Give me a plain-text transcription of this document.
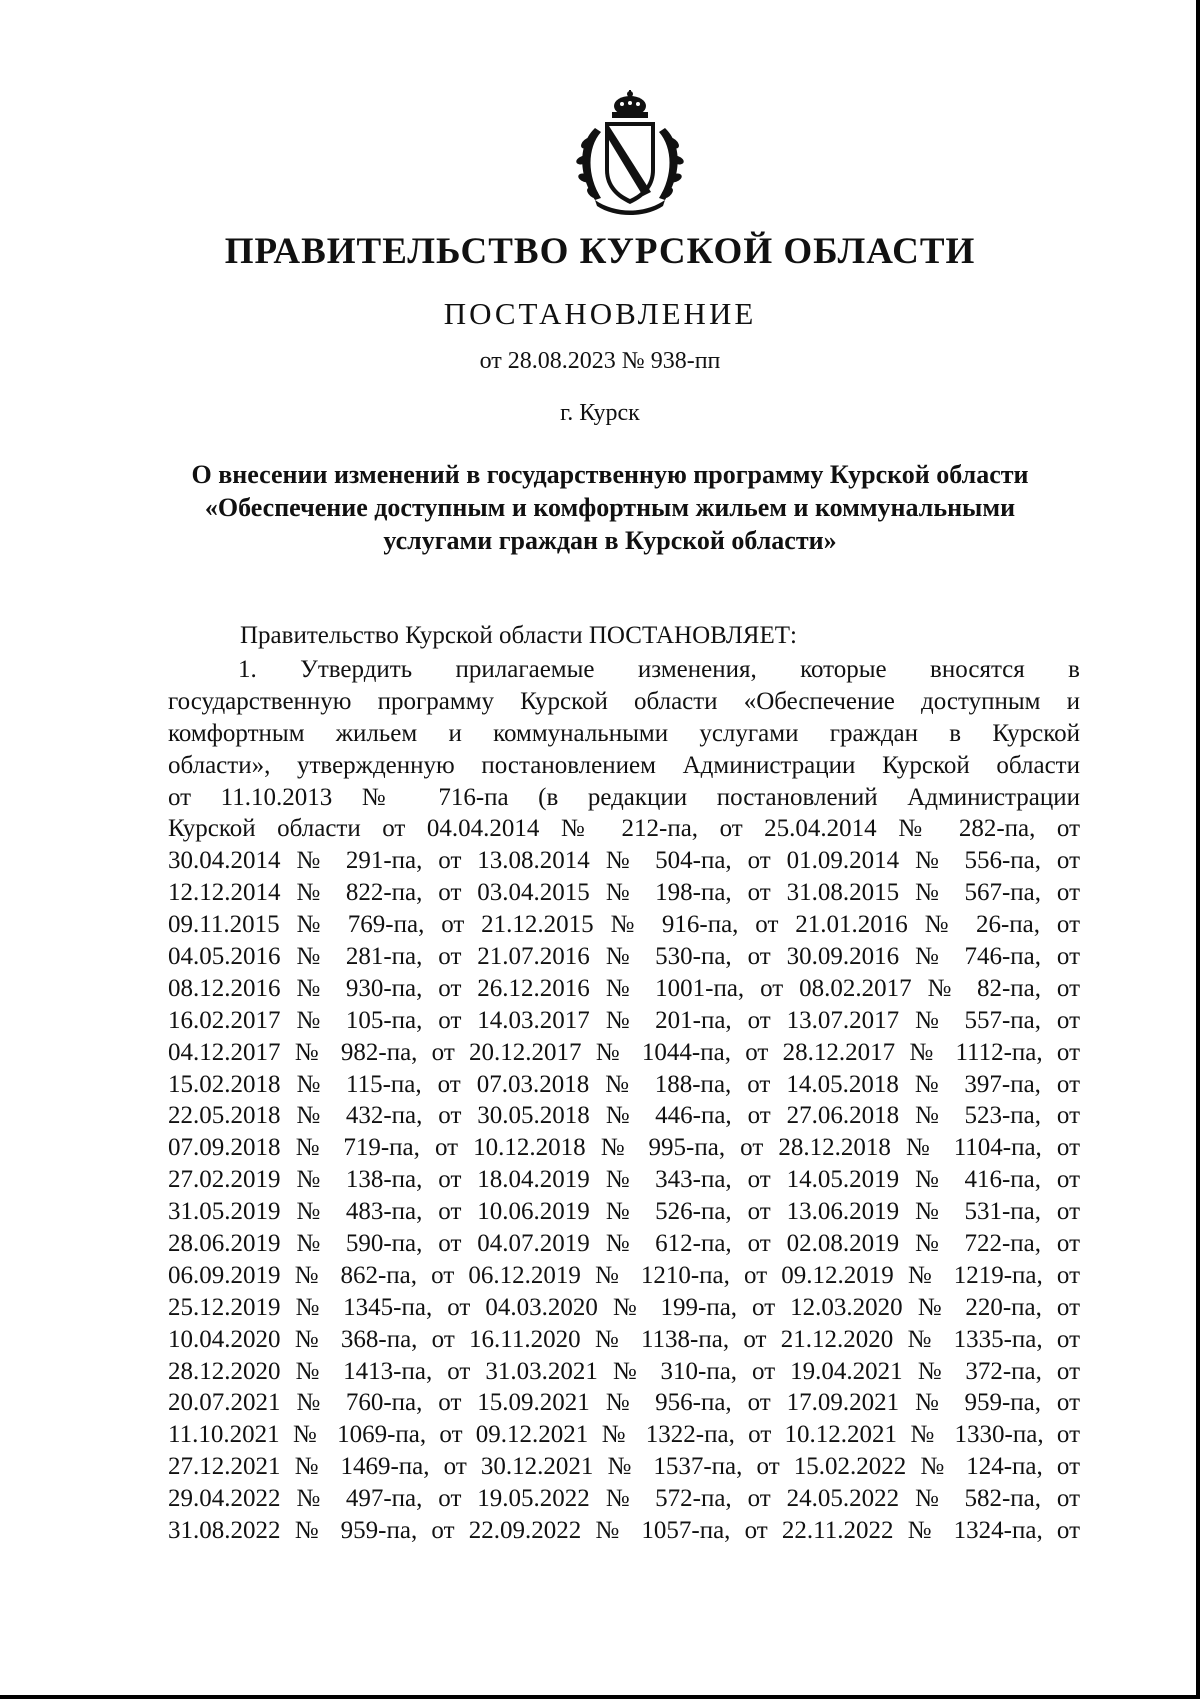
ПРАВИТЕЛЬСТВО КУРСКОЙ ОБЛАСТИ
ПОСТАНОВЛЕНИЕ
от 28.08.2023 № 938-пп
г. Курск
О внесении изменений в государственную программу Курской области
«Обеспечение доступным и комфортным жильем и коммунальными
услугами граждан в Курской области»
Правительство Курской области ПОСТАНОВЛЯЕТ:
1. Утвердить прилагаемые изменения, которые вносятся в
государственную программу Курской области «Обеспечение доступным и
комфортным жильем и коммунальными услугами граждан в Курской
области», утвержденную постановлением Администрации Курской области
от 11.10.2013 № 716-па (в редакции постановлений Администрации
Курской области от 04.04.2014 № 212-па, от 25.04.2014 № 282-па, от
30.04.2014 № 291-па, от 13.08.2014 № 504-па, от 01.09.2014 № 556-па, от
12.12.2014 № 822-па, от 03.04.2015 № 198-па, от 31.08.2015 № 567-па, от
09.11.2015 № 769-па, от 21.12.2015 № 916-па, от 21.01.2016 № 26-па, от
04.05.2016 № 281-па, от 21.07.2016 № 530-па, от 30.09.2016 № 746-па, от
08.12.2016 № 930-па, от 26.12.2016 № 1001-па, от 08.02.2017 № 82-па, от
16.02.2017 № 105-па, от 14.03.2017 № 201-па, от 13.07.2017 № 557-па, от
04.12.2017 № 982-па, от 20.12.2017 № 1044-па, от 28.12.2017 № 1112-па, от
15.02.2018 № 115-па, от 07.03.2018 № 188-па, от 14.05.2018 № 397-па, от
22.05.2018 № 432-па, от 30.05.2018 № 446-па, от 27.06.2018 № 523-па, от
07.09.2018 № 719-па, от 10.12.2018 № 995-па, от 28.12.2018 № 1104-па, от
27.02.2019 № 138-па, от 18.04.2019 № 343-па, от 14.05.2019 № 416-па, от
31.05.2019 № 483-па, от 10.06.2019 № 526-па, от 13.06.2019 № 531-па, от
28.06.2019 № 590-па, от 04.07.2019 № 612-па, от 02.08.2019 № 722-па, от
06.09.2019 № 862-па, от 06.12.2019 № 1210-па, от 09.12.2019 № 1219-па, от
25.12.2019 № 1345-па, от 04.03.2020 № 199-па, от 12.03.2020 № 220-па, от
10.04.2020 № 368-па, от 16.11.2020 № 1138-па, от 21.12.2020 № 1335-па, от
28.12.2020 № 1413-па, от 31.03.2021 № 310-па, от 19.04.2021 № 372-па, от
20.07.2021 № 760-па, от 15.09.2021 № 956-па, от 17.09.2021 № 959-па, от
11.10.2021 № 1069-па, от 09.12.2021 № 1322-па, от 10.12.2021 № 1330-па, от
27.12.2021 № 1469-па, от 30.12.2021 № 1537-па, от 15.02.2022 № 124-па, от
29.04.2022 № 497-па, от 19.05.2022 № 572-па, от 24.05.2022 № 582-па, от
31.08.2022 № 959-па, от 22.09.2022 № 1057-па, от 22.11.2022 № 1324-па, от
